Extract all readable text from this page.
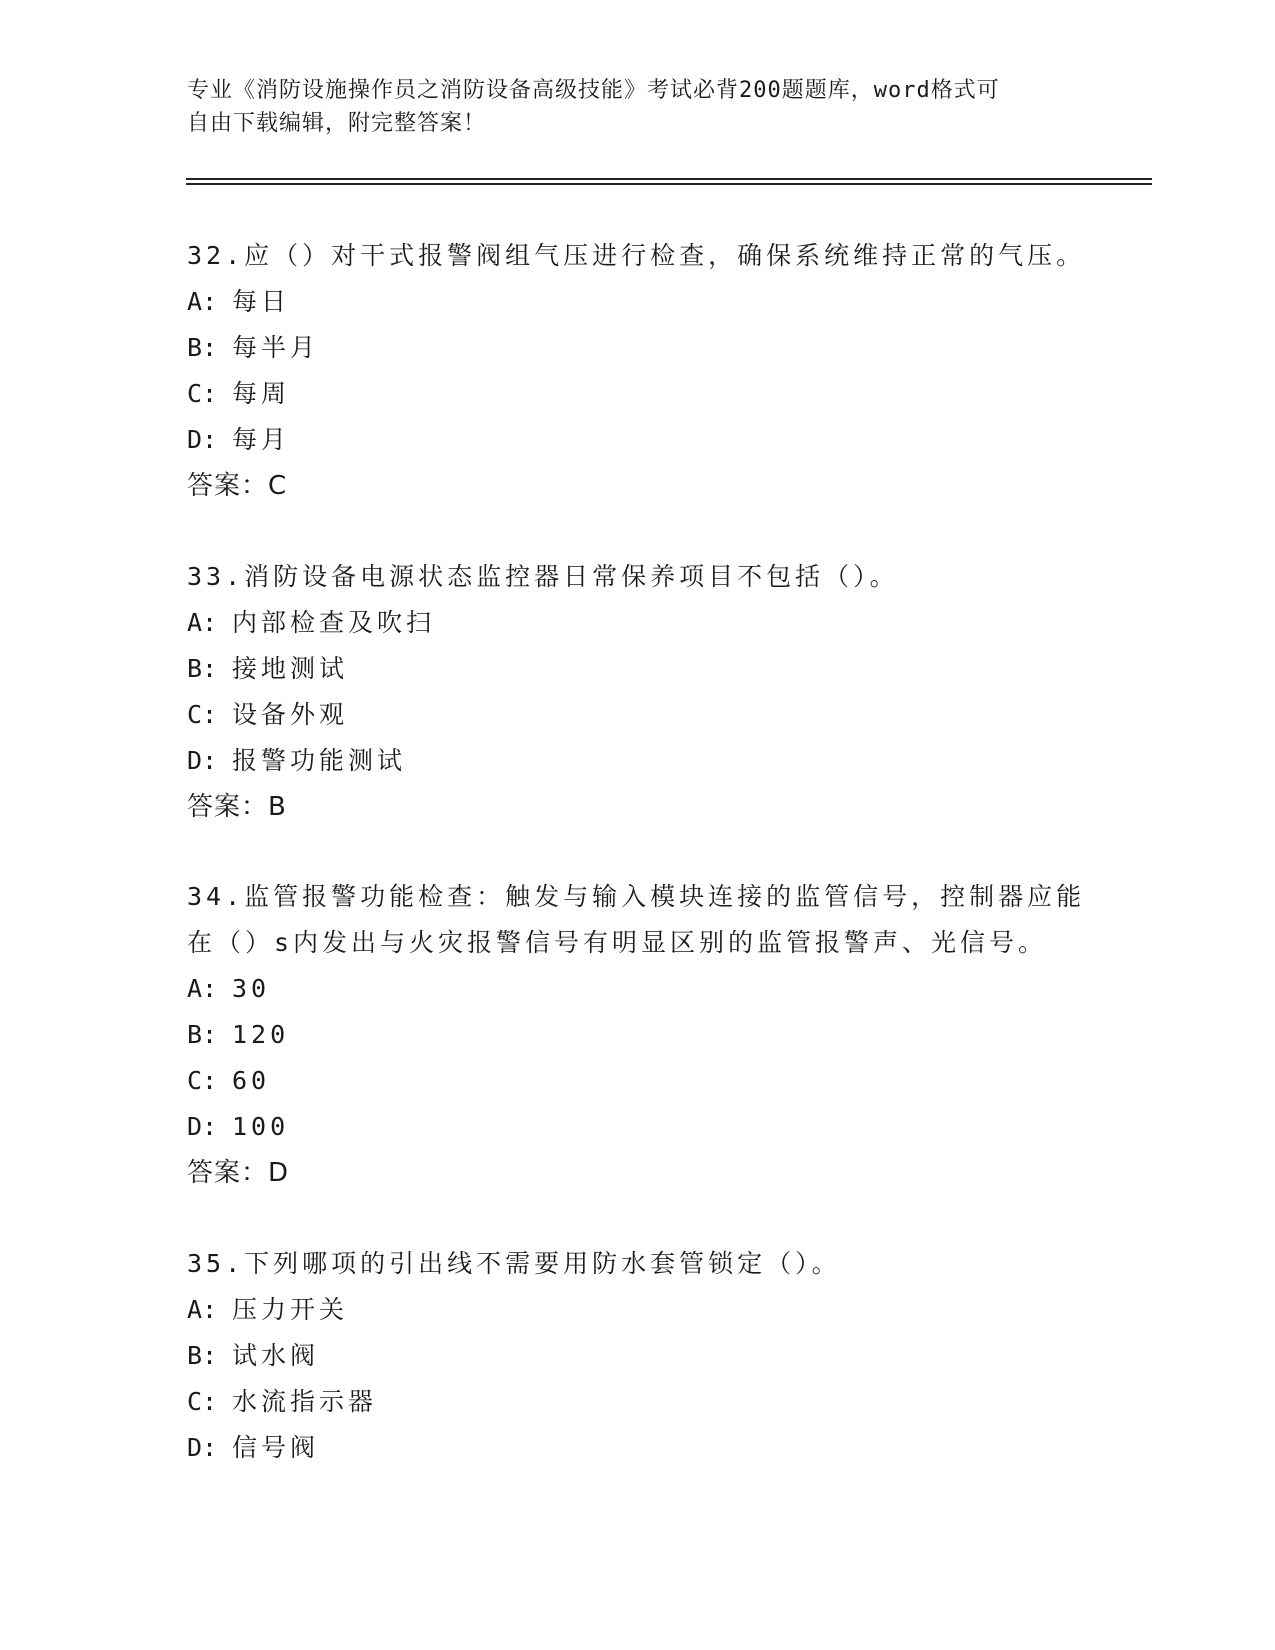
专业《消防设施操作员之消防设备高级技能》考试必背200题题库，word格式可
自由下载编辑，附完整答案！

32.应（）对干式报警阀组气压进行检查，确保系统维持正常的气压。

A: 每日

B: 每半月

C: 每周

D: 每月

答案：C

33.消防设备电源状态监控器日常保养项目不包括（）。

A: 内部检查及吹扫

B: 接地测试

C: 设备外观

D: 报警功能测试

答案：B

34.监管报警功能检查：触发与输入模块连接的监管信号，控制器应能在（）s内发出与火灾报警信号有明显区别的监管报警声、光信号。

A: 30

B: 120

C: 60

D: 100

答案：D

35.下列哪项的引出线不需要用防水套管锁定（）。

A: 压力开关

B: 试水阀

C: 水流指示器

D: 信号阀
